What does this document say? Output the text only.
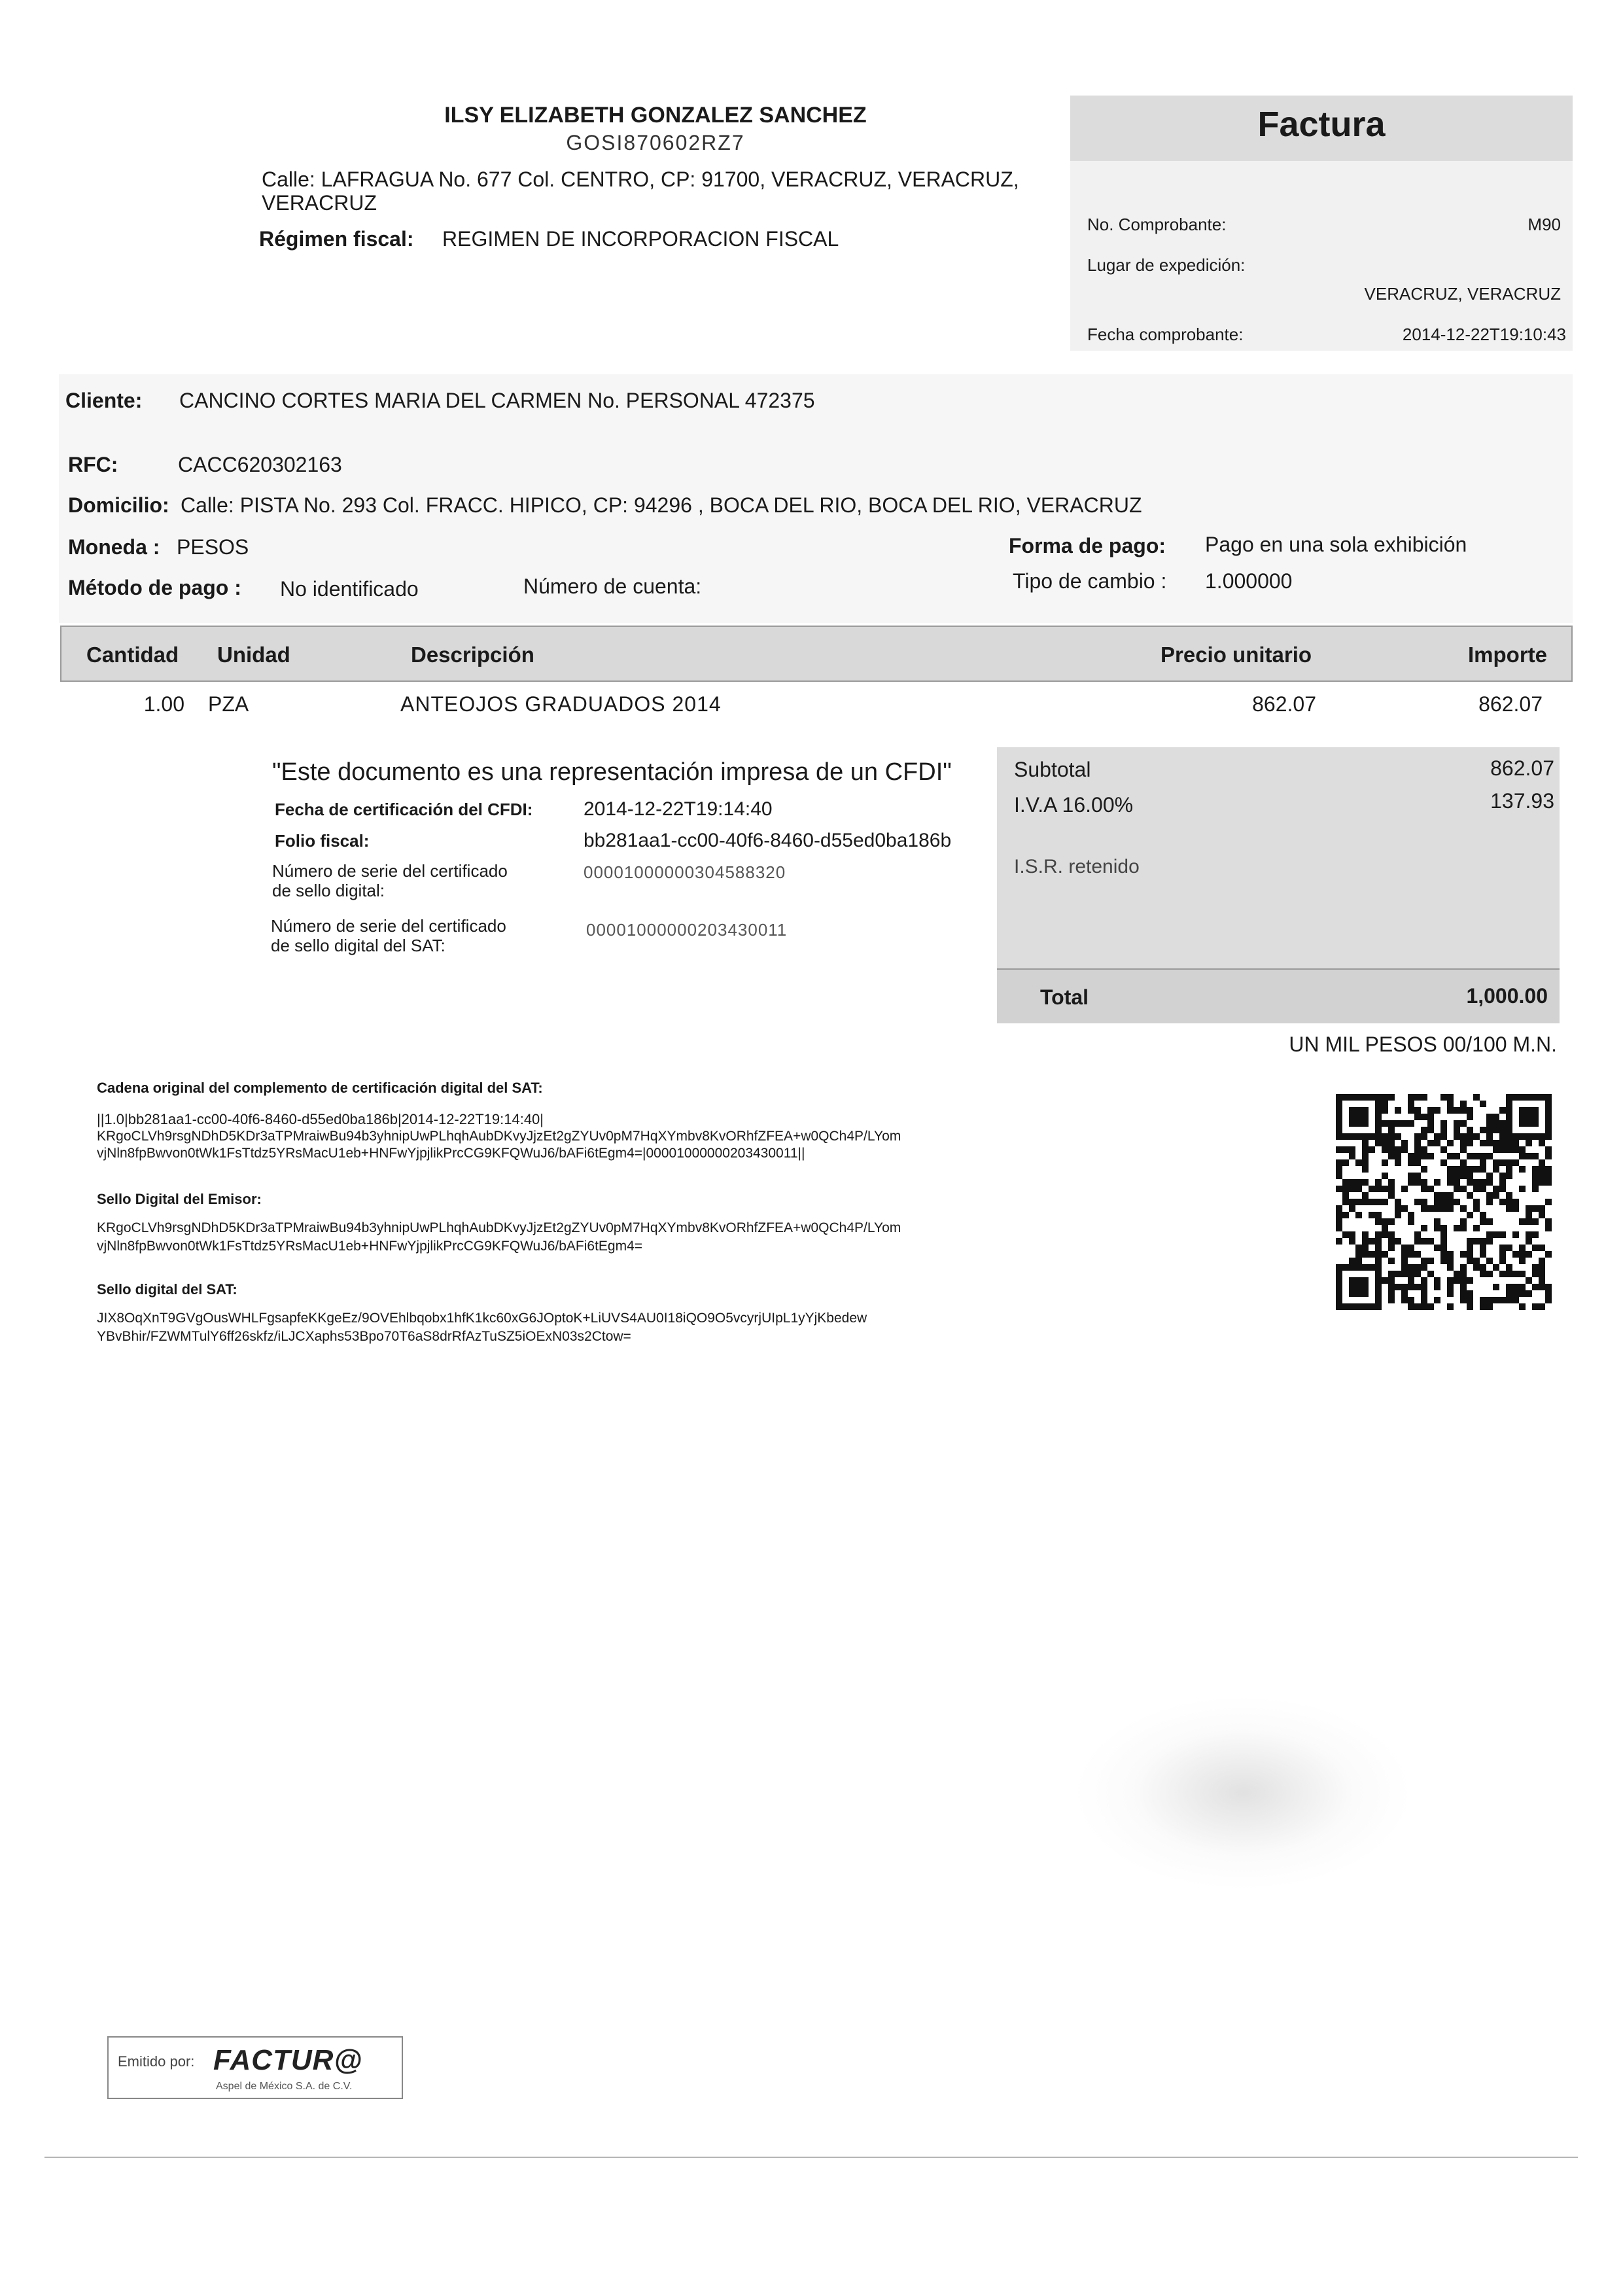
ILSY ELIZABETH GONZALEZ SANCHEZ
GOSI870602RZ7
Calle: LAFRAGUA No. 677 Col. CENTRO, CP: 91700, VERACRUZ, VERACRUZ,
VERACRUZ
Régimen fiscal: REGIMEN DE INCORPORACION FISCAL
Factura
No. Comprobante:	M90
Lugar de expedición:
VERACRUZ, VERACRUZ
Fecha comprobante:	2014-12-22T19:10:43
Cliente: CANCINO CORTES MARIA DEL CARMEN No. PERSONAL 472375
RFC:	CACC620302163
Domicilio: Calle: PISTA No. 293 Col. FRACC. HIPICO, CP: 94296 , BOCA DEL RIO, BOCA DEL RIO, VERACRUZ
Moneda : PESOS
Método de pago : No identificado	Número de cuenta:
Forma de pago: Pago en una sola exhibición
Tipo de cambio : 1.000000
Cantidad Unidad	Descripción	Precio unitario	Importe
1.00 PZA	ANTEOJOS GRADUADOS 2014	862.07	862.07
"Este documento es una representación impresa de un CFDI"
Fecha de certificación del CFDI:	2014-12-22T19:14:40
Folio fiscal:	bb281aa1-cc00-40f6-8460-d55ed0ba186b
Número de serie del certificado
de sello digital:
00001000000304588320
Número de serie del certificado
de sello digital del SAT:
00001000000203430011
Subtotal	862.07
I.V.A 16.00%	137.93
I.S.R. retenido
Total	1,000.00
UN MIL PESOS 00/100 M.N.
Cadena original del complemento de certificación digital del SAT:
||1.0|bb281aa1-cc00-40f6-8460-d55ed0ba186b|2014-12-22T19:14:40|
KRgoCLVh9rsgNDhD5KDr3aTPMraiwBu94b3yhnipUwPLhqhAubDKvyJjzEt2gZYUv0pM7HqXYmbv8KvORhfZFEA+w0QCh4P/LYom
vjNln8fpBwvon0tWk1FsTtdz5YRsMacU1eb+HNFwYjpjlikPrcCG9KFQWuJ6/bAFi6tEgm4=|00001000000203430011||
Sello Digital del Emisor:
KRgoCLVh9rsgNDhD5KDr3aTPMraiwBu94b3yhnipUwPLhqhAubDKvyJjzEt2gZYUv0pM7HqXYmbv8KvORhfZFEA+w0QCh4P/LYom
vjNln8fpBwvon0tWk1FsTtdz5YRsMacU1eb+HNFwYjpjlikPrcCG9KFQWuJ6/bAFi6tEgm4=
Sello digital del SAT:
JIX8OqXnT9GVgOusWHLFgsapfeKKgeEz/9OVEhlbqobx1hfK1kc60xG6JOptoK+LiUVS4AU0I18iQO9O5vcyrjUIpL1yYjKbedew
YBvBhir/FZWMTulY6ff26skfz/iLJCXaphs53Bpo70T6aS8drRfAzTuSZ5iOExN03s2Ctow=
Emitido por: FACTUR@
Aspel de México S.A. de C.V.
